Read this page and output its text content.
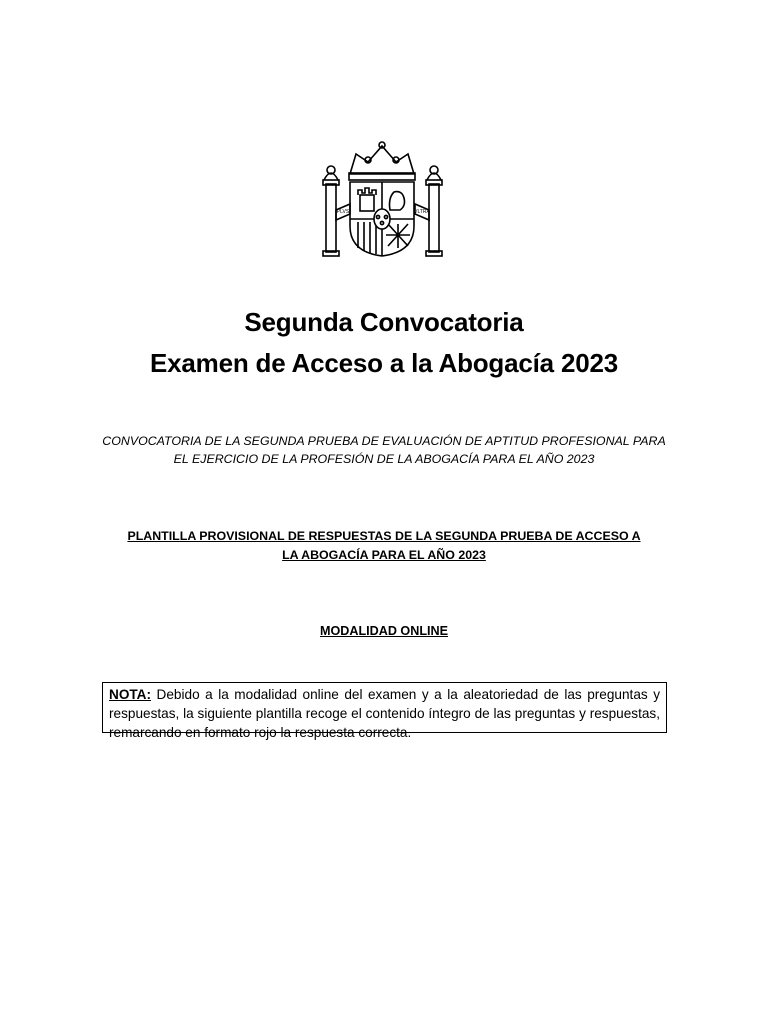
PLVS	VLTRA
Segunda Convocatoria
Examen de Acceso a la Abogacía 2023
CONVOCATORIA DE LA SEGUNDA PRUEBA DE EVALUACIÓN DE APTITUD PROFESIONAL PARA EL EJERCICIO DE LA PROFESIÓN DE LA ABOGACÍA PARA EL AÑO 2023
PLANTILLA PROVISIONAL DE RESPUESTAS DE LA SEGUNDA PRUEBA DE ACCESO A LA ABOGACÍA PARA EL AÑO 2023
MODALIDAD ONLINE
NOTA: Debido a la modalidad online del examen y a la aleatoriedad de las preguntas y respuestas, la siguiente plantilla recoge el contenido íntegro de las preguntas y respuestas, remarcando en formato rojo la respuesta correcta.
